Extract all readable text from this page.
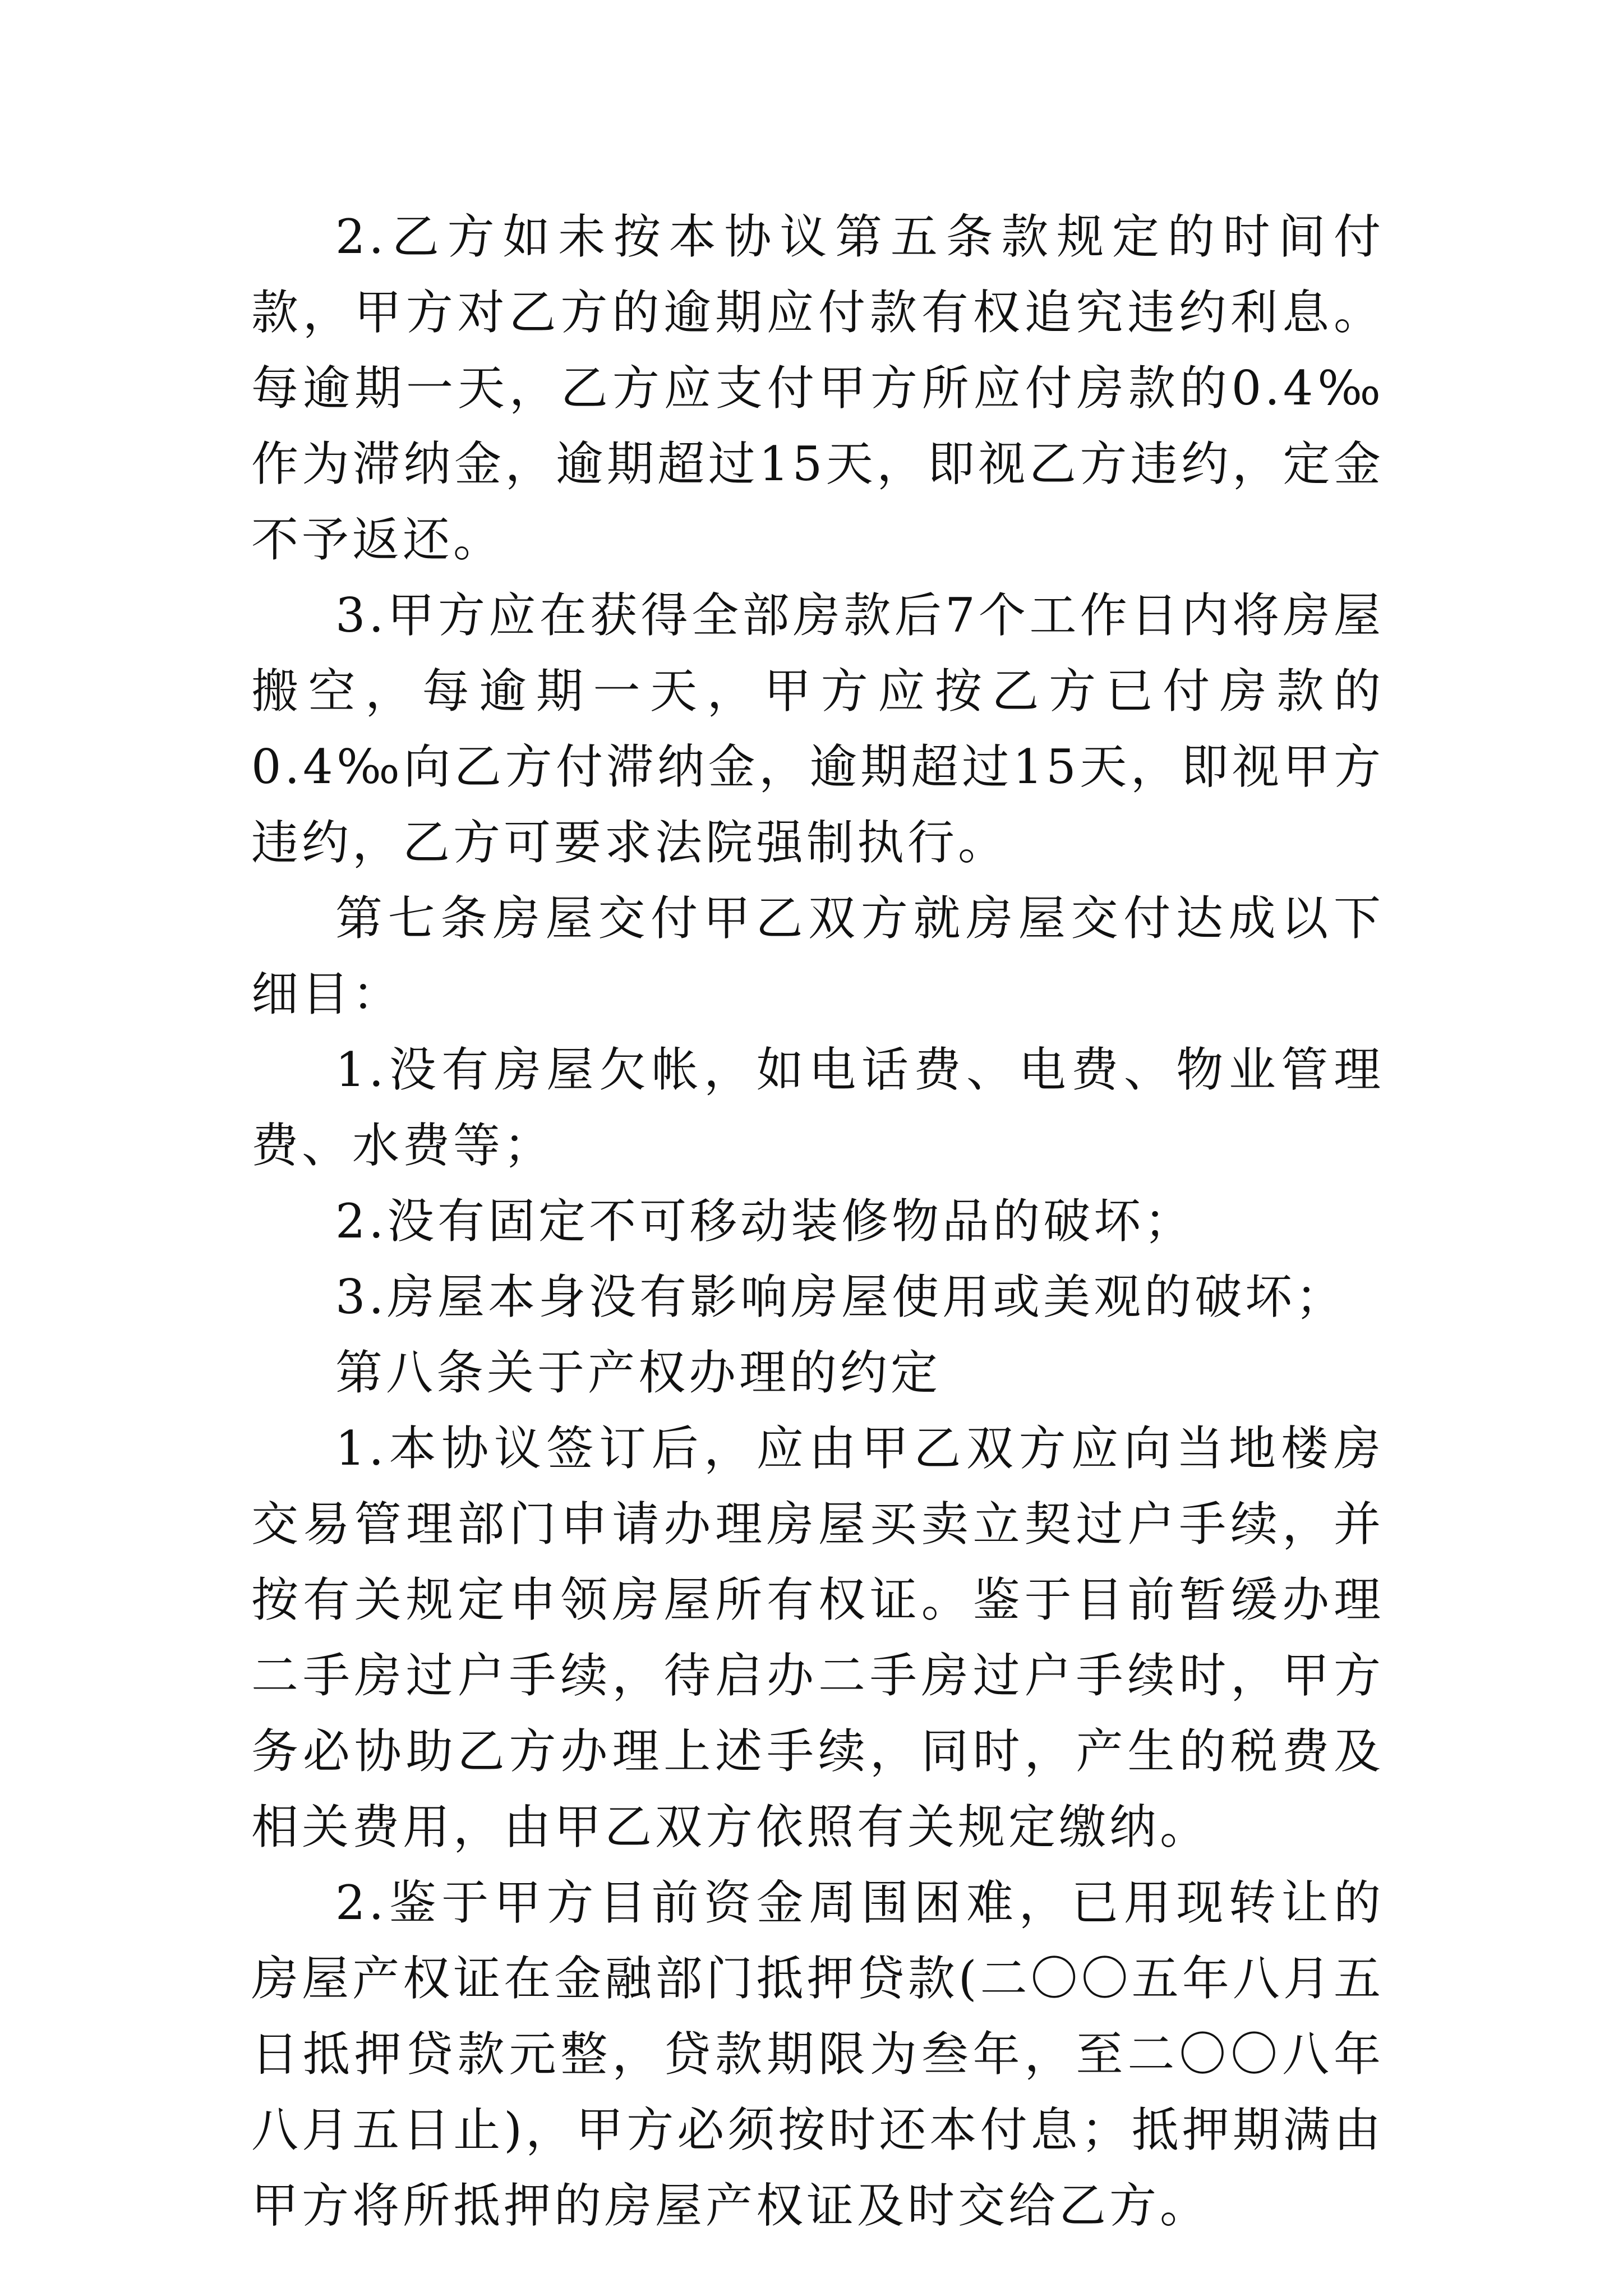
2.乙方如未按本协议第五条款规定的时间付款，甲方对乙方的逾期应付款有权追究违约利息。每逾期一天，乙方应支付甲方所应付房款的0.4‰作为滞纳金，逾期超过15天，即视乙方违约，定金不予返还。

3.甲方应在获得全部房款后7个工作日内将房屋搬空，每逾期一天，甲方应按乙方已付房款的0.4‰向乙方付滞纳金，逾期超过15天，即视甲方违约，乙方可要求法院强制执行。

第七条房屋交付甲乙双方就房屋交付达成以下细目：

1.没有房屋欠帐，如电话费、电费、物业管理费、水费等；

2.没有固定不可移动装修物品的破坏；

3.房屋本身没有影响房屋使用或美观的破坏；

第八条关于产权办理的约定

1.本协议签订后，应由甲乙双方应向当地楼房交易管理部门申请办理房屋买卖立契过户手续，并按有关规定申领房屋所有权证。鉴于目前暂缓办理二手房过户手续，待启办二手房过户手续时，甲方务必协助乙方办理上述手续，同时，产生的税费及相关费用，由甲乙双方依照有关规定缴纳。

2.鉴于甲方目前资金周围困难，已用现转让的房屋产权证在金融部门抵押贷款(二〇〇五年八月五日抵押贷款元整，贷款期限为叁年，至二〇〇八年八月五日止)，甲方必须按时还本付息；抵押期满由甲方将所抵押的房屋产权证及时交给乙方。
